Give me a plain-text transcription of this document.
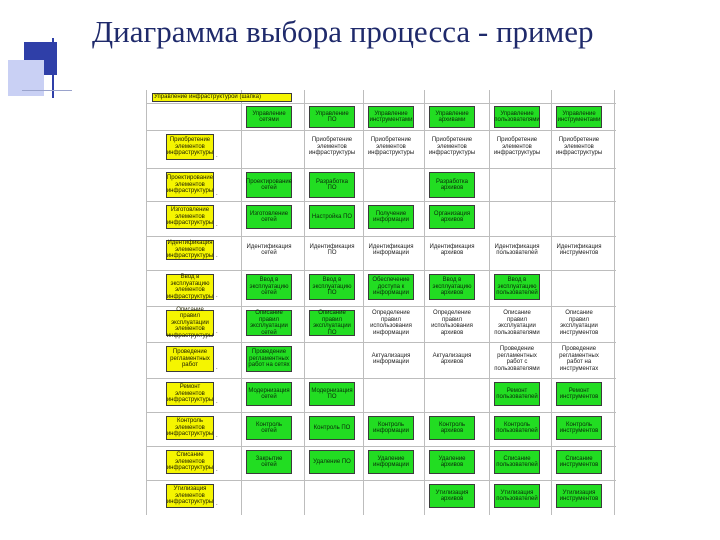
Диаграмма выбора процесса - пример
Управление инфраструктурой (шапка)
Управление сетями
Управление ПО
Управление инструментами
Управление архивами
Управление пользователями
Управление инструментами
Приобретение элементов инфраструктуры .
Приобретение элементов инфраструктуры
Приобретение элементов инфраструктуры
Приобретение элементов инфраструктуры
Приобретение элементов инфраструктуры
Приобретение элементов инфраструктуры
Проектирование элементов инфраструктуры .
Проектирование сетей
Разработка ПО
Разработка архивов
Изготовление элементов инфраструктуры .
Изготовление сетей
Настройка ПО
Получение информации
Организация архивов
Идентификация элементов инфраструктуры .
Идентификация сетей
Идентификация ПО
Идентификация информации
Идентификация архивов
Идентификация пользователей
Идентификация инструментов
Ввод в эксплуатацию элементов инфраструктуры .
Ввод в эксплуатацию сетей
Ввод в эксплуатацию ПО
Обеспечение доступа к информации
Ввод в эксплуатацию архивов
Ввод в эксплуатацию пользователей
Описание правил эксплуатации элементов инфраструктуры
.
Описание правил эксплуатации сетей
Описание правил эксплуатации ПО
Определение правил использования информации
Определение правил использования архивов
Описание правил эксплуатации пользователями
Описание правил эксплуатации инструментов
Проведение регламентных работ	.
Проведение регламентных работ на сетях
Актуализация информации
Актуализация архивов
Проведение регламентных работ с пользователями
Проведение регламентных работ на инструментах
Ремонт элементов инфраструктуры .
Модернизация сетей
Модернизация ПО
Ремонт пользователей
Ремонт инструментов
Контроль элементов инфраструктуры .
Контроль сетей
Контроль ПО
Контроль информации
Контроль архивов
Контроль пользователей
Контроль инструментов
Списание элементов инфраструктуры .
Закрытие сетей
Удаление ПО
Удаление информации
Удаление архивов
Списание пользователей
Списание инструментов
Утилизация элементов инфраструктуры .
Утилизация архивов
Утилизация пользователей
Утилизация инструментов
